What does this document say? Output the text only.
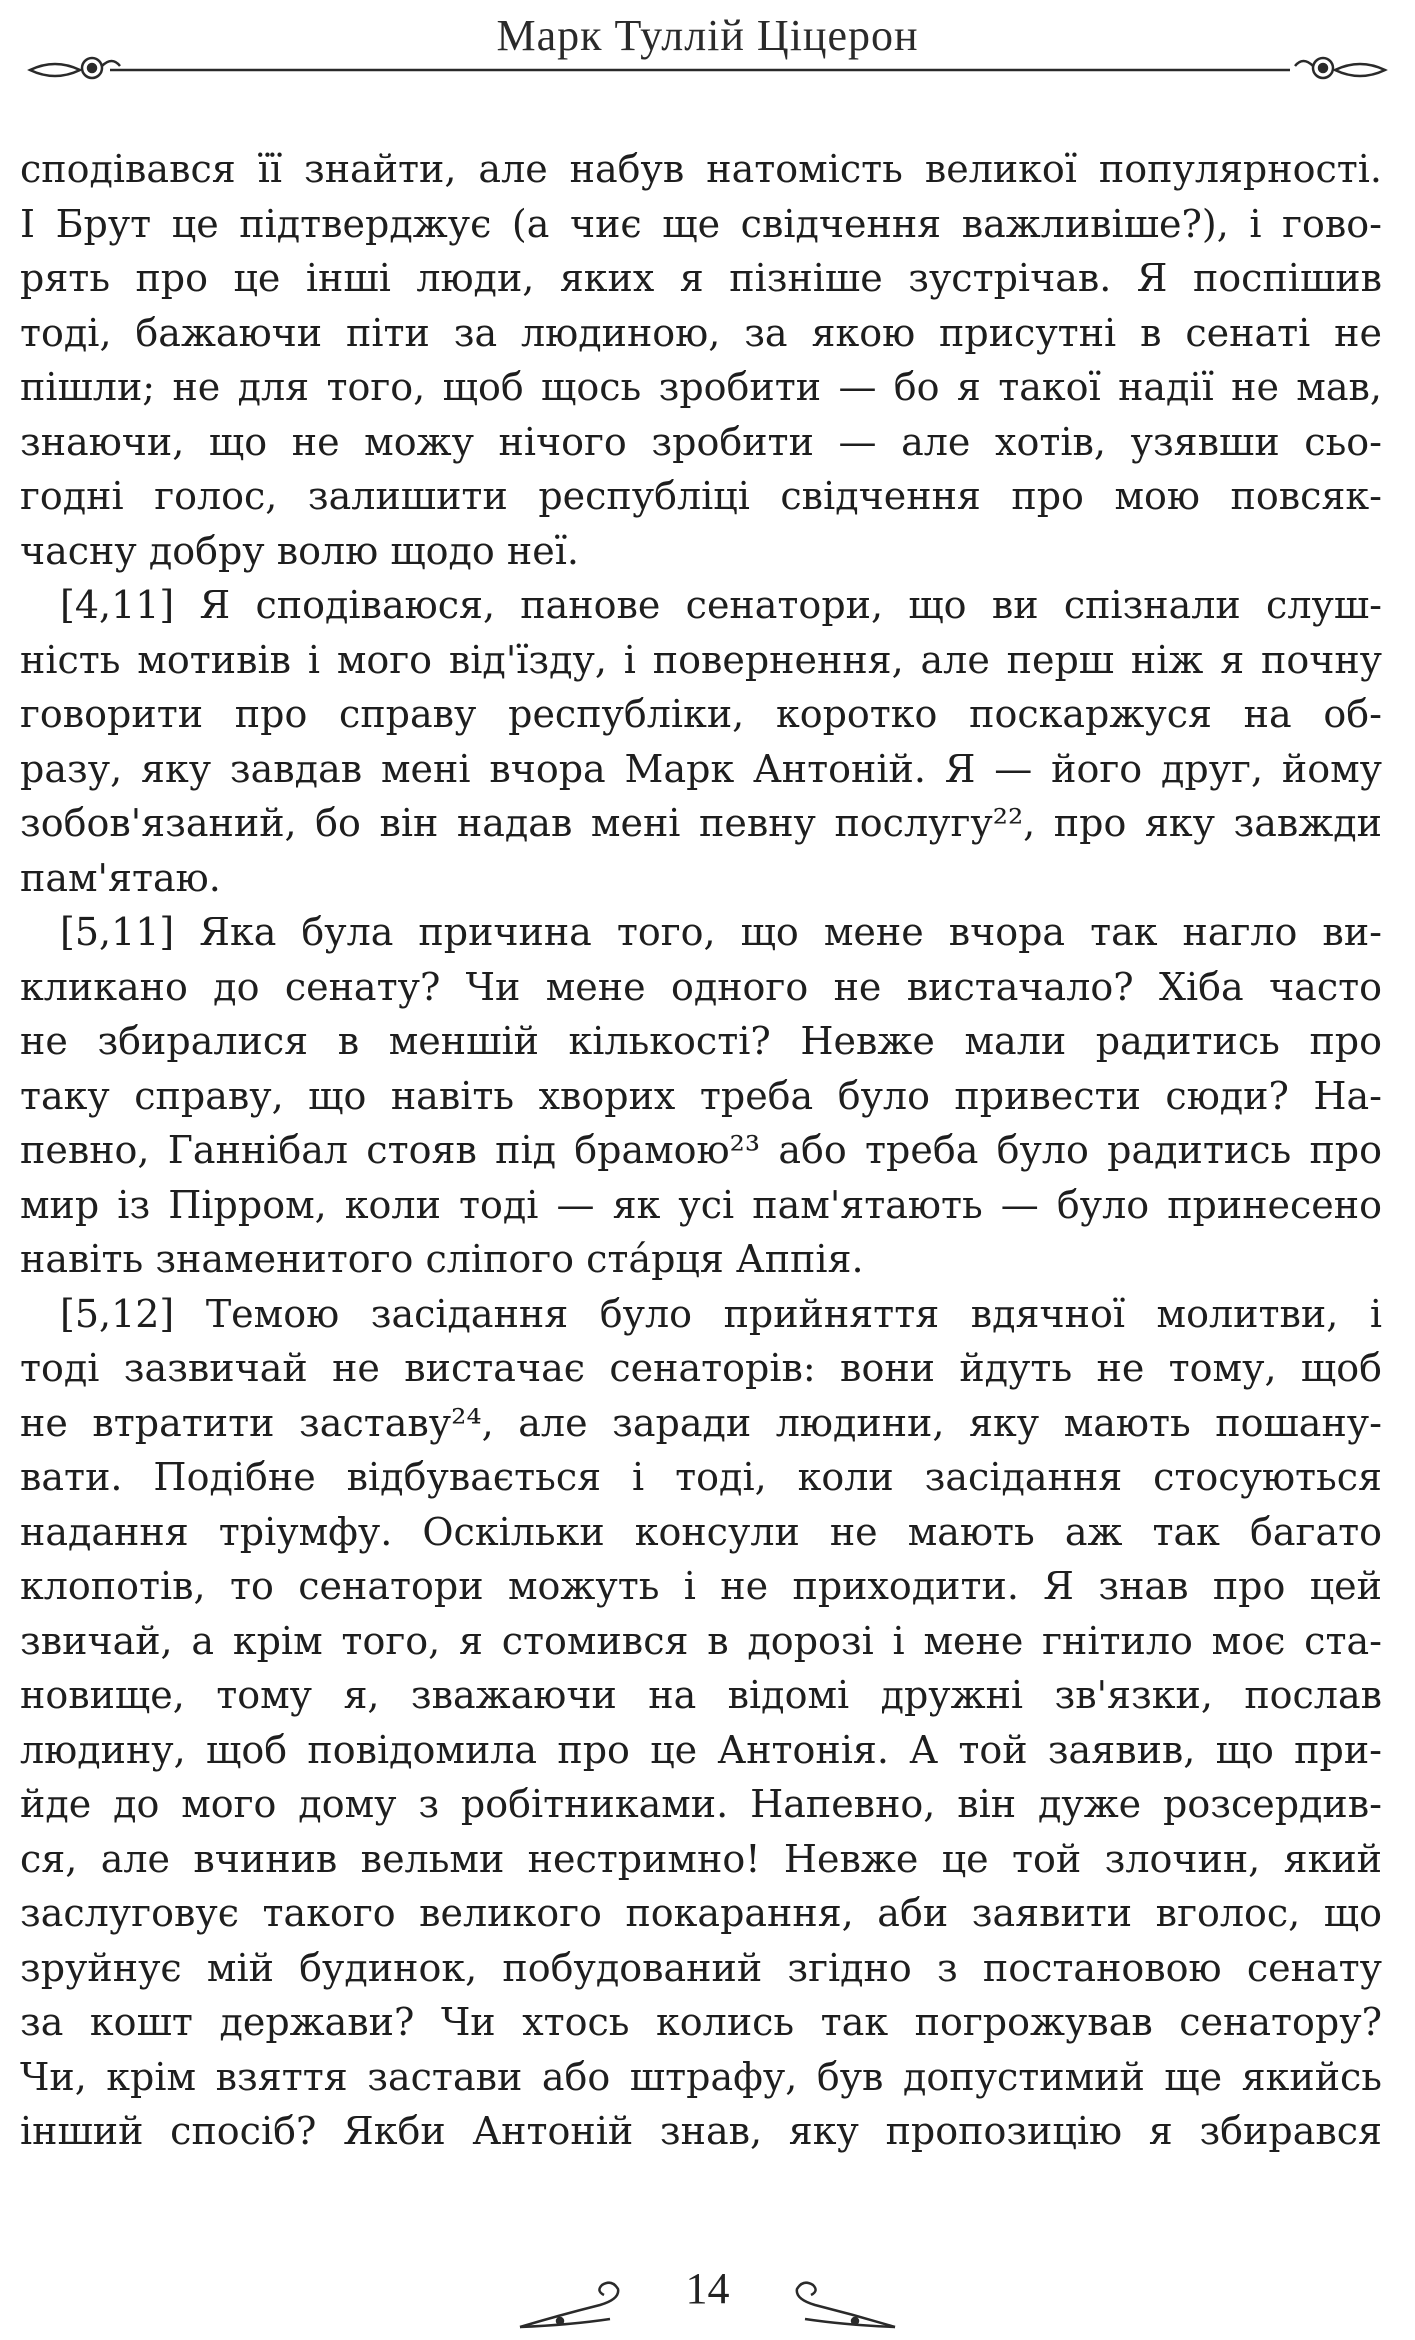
Марк Туллій Ціцерон
сподівався її знайти, але набув натомість великої популярності.
І Брут це підтверджує (а чиє ще свідчення важливіше?), і гово-
рять про це інші люди, яких я пізніше зустрічав. Я поспішив
тоді, бажаючи піти за людиною, за якою присутні в сенаті не
пішли; не для того, щоб щось зробити — бо я такої надії не мав,
знаючи, що не можу нічого зробити — але хотів, узявши сьо-
годні голос, залишити республіці свідчення про мою повсяк-
часну добру волю щодо неї.
[4,11] Я сподіваюся, панове сенатори, що ви спізнали слуш-
ність мотивів і мого від'їзду, і повернення, але перш ніж я почну
говорити про справу республіки, коротко поскаржуся на об-
разу, яку завдав мені вчора Марк Антоній. Я — його друг, йому
зобов'язаний, бо він надав мені певну послугу²², про яку завжди
пам'ятаю.
[5,11] Яка була причина того, що мене вчора так нагло ви-
кликано до сенату? Чи мене одного не вистачало? Хіба часто
не збиралися в меншій кількості? Невже мали радитись про
таку справу, що навіть хворих треба було привести сюди? На-
певно, Ганнібал стояв під брамою²³ або треба було радитись про
мир із Пірром, коли тоді — як усі пам'ятають — було принесено
навіть знаменитого сліпого стáрця Аппія.
[5,12] Темою засідання було прийняття вдячної молитви, і
тоді зазвичай не вистачає сенаторів: вони йдуть не тому, щоб
не втратити заставу²⁴, але заради людини, яку мають пошану-
вати. Подібне відбувається і тоді, коли засідання стосуються
надання тріумфу. Оскільки консули не мають аж так багато
клопотів, то сенатори можуть і не приходити. Я знав про цей
звичай, а крім того, я стомився в дорозі і мене гнітило моє ста-
новище, тому я, зважаючи на відомі дружні зв'язки, послав
людину, щоб повідомила про це Антонія. А той заявив, що при-
йде до мого дому з робітниками. Напевно, він дуже розсердив-
ся, але вчинив вельми нестримно! Невже це той злочин, який
заслуговує такого великого покарання, аби заявити вголос, що
зруйнує мій будинок, побудований згідно з постановою сенату
за кошт держави? Чи хтось колись так погрожував сенатору?
Чи, крім взяття застави або штрафу, був допустимий ще якийсь
інший спосіб? Якби Антоній знав, яку пропозицію я збирався
14
